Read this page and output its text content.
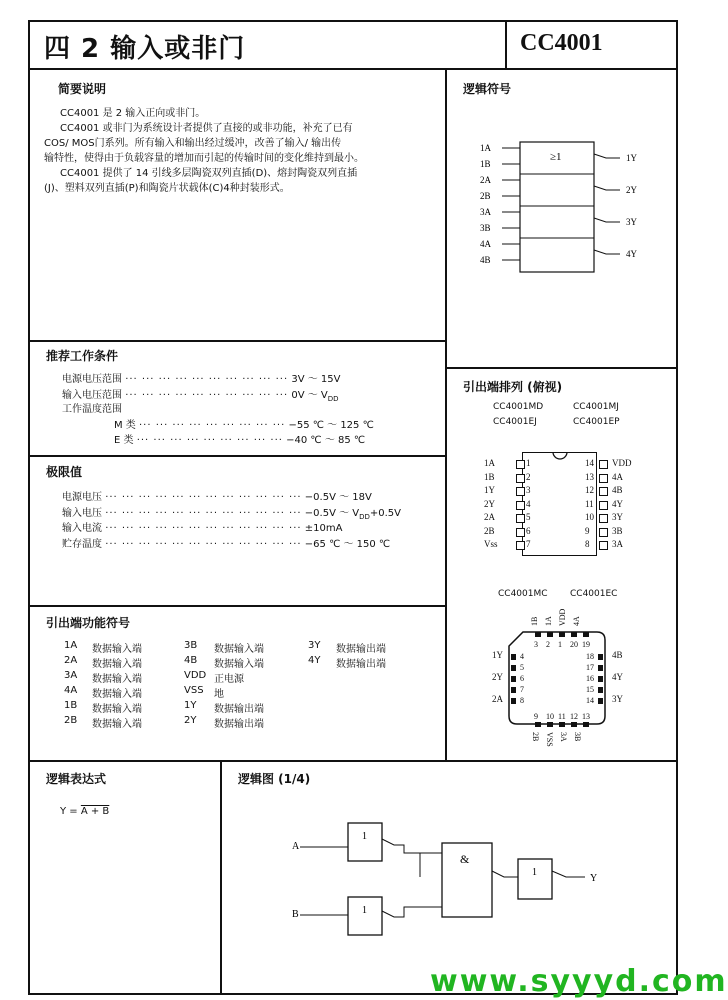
四 2 输入或非门	CC4001
简要说明
CC4001 是 2 输入正向或非门。
CC4001 或非门为系统设计者提供了直接的或非功能，补充了已有
COS/ MOS门系列。所有输入和输出经过缓冲，改善了输入/ 输出传
输特性，使得由于负载容量的增加而引起的传输时间的变化维持到最小。
CC4001 提供了 14 引线多层陶瓷双列直插(D)、熔封陶瓷双列直插
(J)、塑料双列直插(P)和陶瓷片状载体(C)4种封装形式。
逻辑符号
≥1
1A
1B
2A
2B
3A
3B
4A
4B
1Y
2Y
3Y
4Y
推荐工作条件
电源电压范围 ··· ··· ··· ··· ··· ··· ··· ··· ··· ··· 3V ～ 15V
输入电压范围 ··· ··· ··· ··· ··· ··· ··· ··· ··· ··· 0V ～ $V_{DD}$
工作温度范围
M 类 ··· ··· ··· ··· ··· ··· ··· ··· ··· −55 ℃ ～ 125 ℃
E 类 ··· ··· ··· ··· ··· ··· ··· ··· ··· −40 ℃ ～ 85 ℃
极限值
电源电压 ··· ··· ··· ··· ··· ··· ··· ··· ··· ··· ··· ··· −0.5V ～ 18V
输入电压 ··· ··· ··· ··· ··· ··· ··· ··· ··· ··· ··· ··· −0.5V ～ $V_{DD}+0.5V$
输入电流 ··· ··· ··· ··· ··· ··· ··· ··· ··· ··· ··· ··· ±10mA
贮存温度 ··· ··· ··· ··· ··· ··· ··· ··· ··· ··· ··· ··· −65 ℃ ～ 150 ℃
引出端功能符号
1A 数据输入端
2A 数据输入端
3A 数据输入端
4A 数据输入端
1B 数据输入端
2B 数据输入端
3B 数据输入端
4B 数据输入端
VDD 正电源
VSS 地
1Y 数据输出端
2Y 数据输出端
3Y 数据输出端
4Y 数据输出端
引出端排列 (俯视)
CC4001MD	CC4001MJ
CC4001EJ	CC4001EP
1A	1
1B	2
1Y	3
2Y	4
2A	5
2B	6
Vss	7
14 VDD
13 4A
12 4B
11 4Y
10 3Y
9	3B
8	3A
CC4001MC CC4001EC
1B 1A VDD 4A
3 2 1 20 19
4
5
6
7
8
1Y
2Y
2A
18
17
16
15
14
4B
4Y
3Y
9 10 11 12 13
2B VSS 3A 3B
逻辑表达式
Y = A + B
逻辑图 (1/4)
A
B
Y
1
1
&
1
www.syyyd.com
